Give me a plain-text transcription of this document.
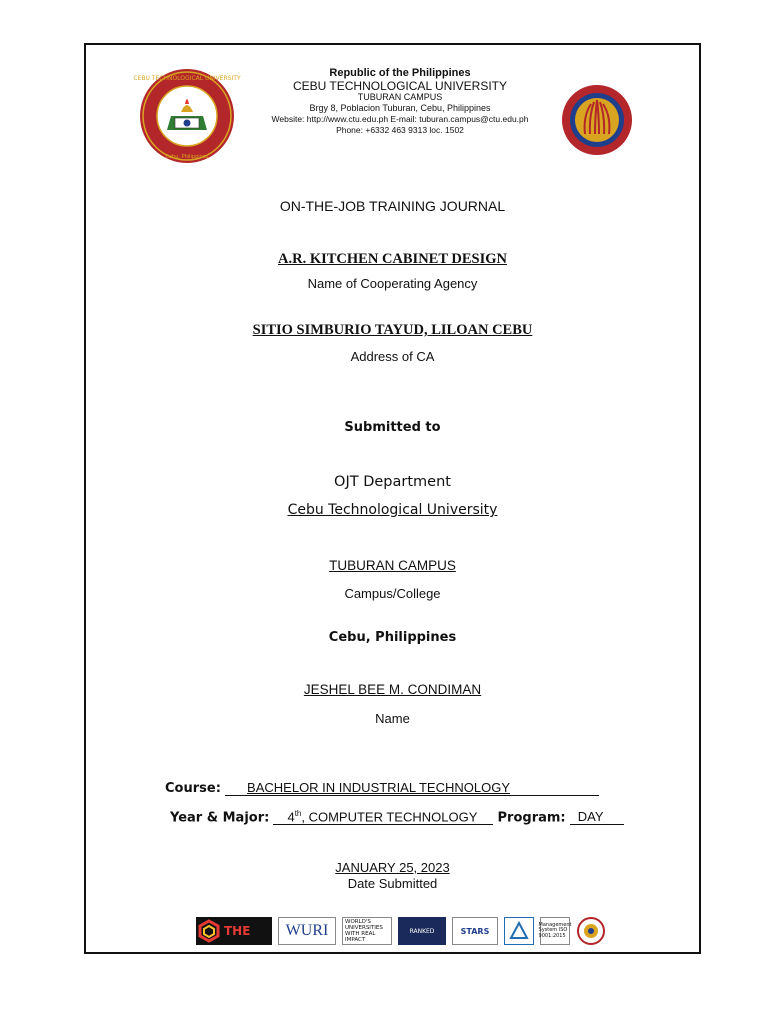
CEBU TECHNOLOGICAL UNIVERSITY
Cebu, Philippines
Republic of the Philippines
CEBU TECHNOLOGICAL UNIVERSITY
TUBURAN CAMPUS
Brgy 8, Poblacion Tuburan, Cebu, Philippines
Website: http://www.ctu.edu.ph E-mail: tuburan.campus@ctu.edu.ph
Phone: +6332 463 9313 loc. 1502
ON-THE-JOB TRAINING JOURNAL
A.R. KITCHEN CABINET DESIGN
Name of Cooperating Agency
SITIO SIMBURIO TAYUD, LILOAN CEBU
Address of CA
Submitted to
OJT Department
Cebu Technological University
TUBURAN CAMPUS
Campus/College
Cebu, Philippines
JESHEL BEE M. CONDIMAN
Name
Course: BACHELOR IN INDUSTRIAL TECHNOLOGY
Year & Major: 4th, COMPUTER TECHNOLOGY Program: DAY
JANUARY 25, 2023
Date Submitted
THE	WURI
WORLD'S UNIVERSITIES WITH REAL IMPACT
RANKED	STARS
Management System ISO 9001:2015
